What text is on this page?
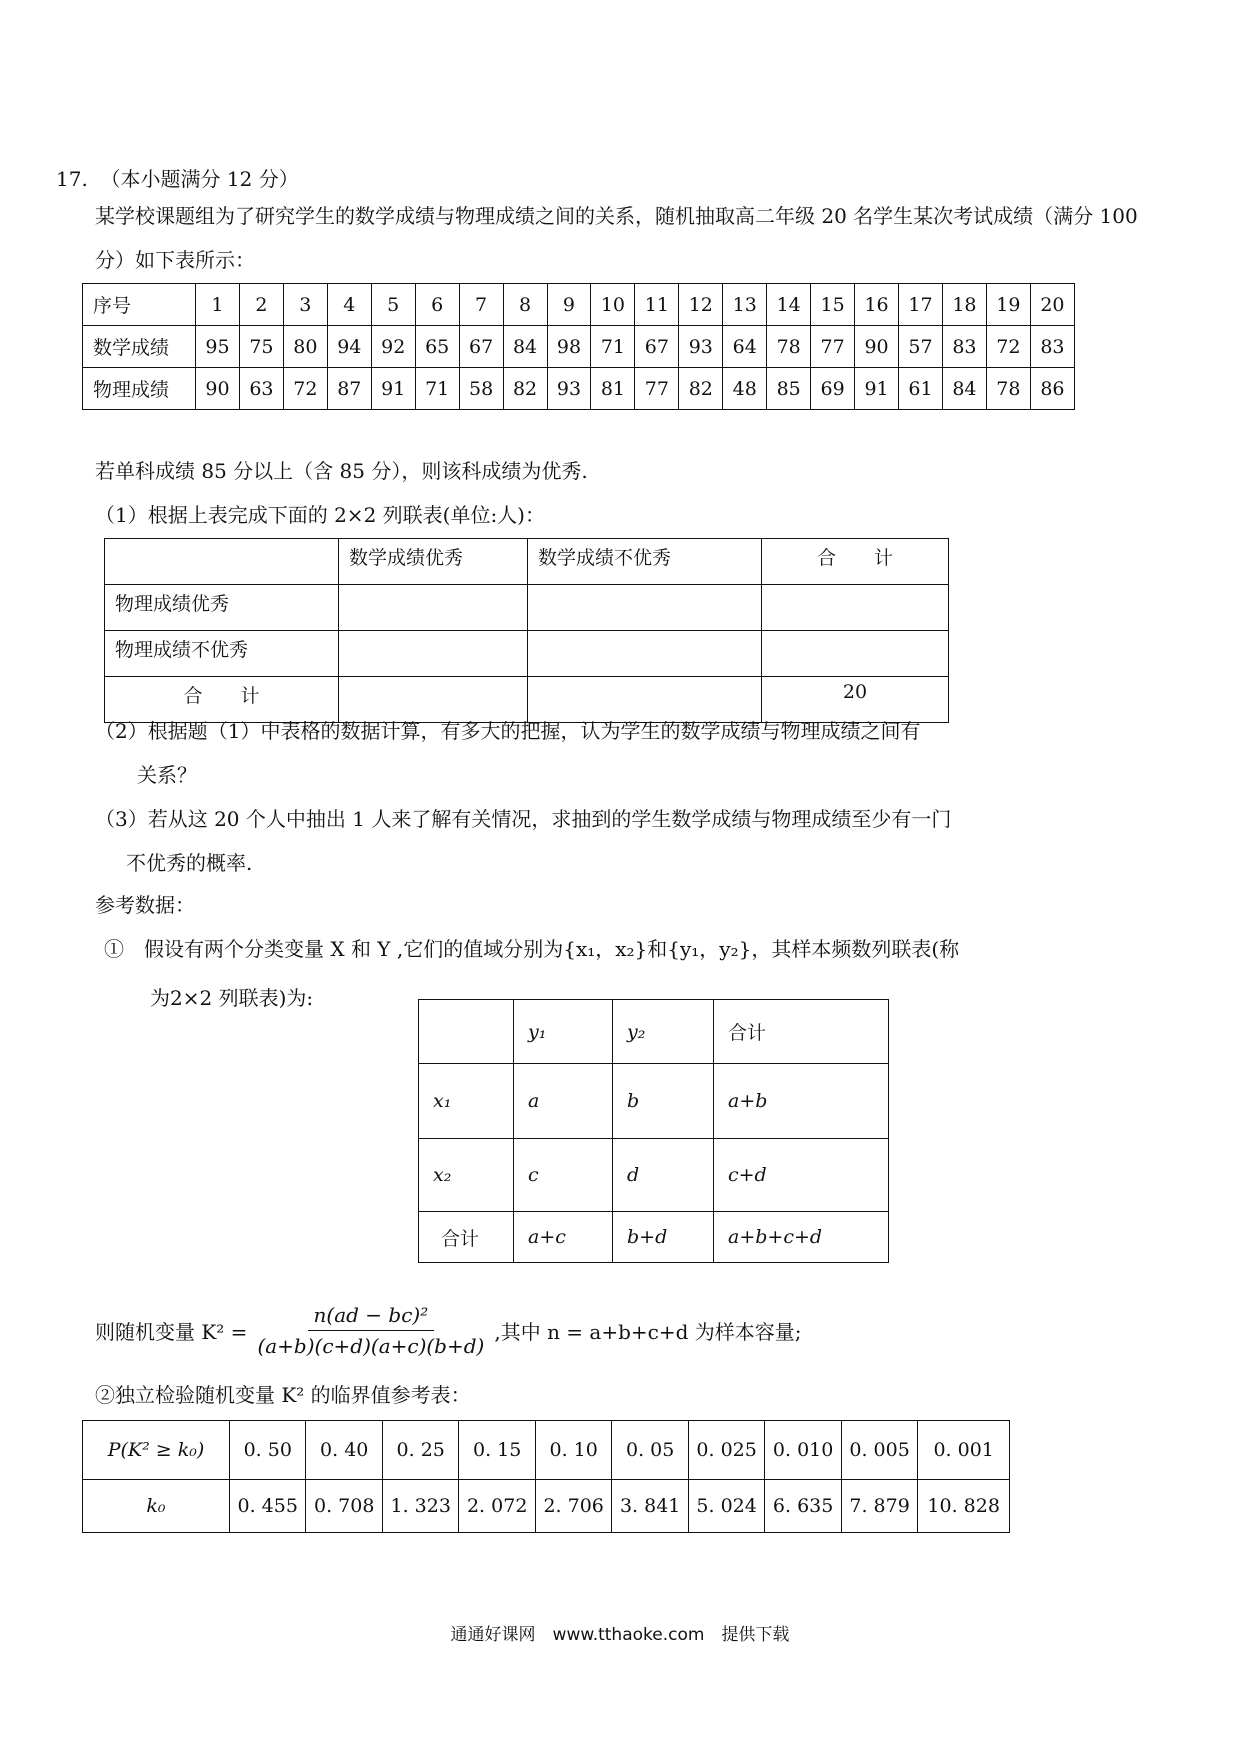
17. （本小题满分 12 分）
某学校课题组为了研究学生的数学成绩与物理成绩之间的关系，随机抽取高二年级 20 名学生某次考试成绩（满分 100
分）如下表所示：
序号	1	2	3	4	5	6	7	8	9	10	11	12	13	14	15	16	17	18	19	20
数学成绩	95	75	80	94	92	65	67	84	98	71	67	93	64	78	77	90	57	83	72	83
物理成绩	90	63	72	87	91	71	58	82	93	81	77	82	48	85	69	91	61	84	78	86
若单科成绩 85 分以上（含 85 分），则该科成绩为优秀.
（1）根据上表完成下面的 2×2 列联表(单位:人)：
	数学成绩优秀	数学成绩不优秀	合　　计
物理成绩优秀			
物理成绩不优秀			
合　　计			20
（2）根据题（1）中表格的数据计算，有多大的把握，认为学生的数学成绩与物理成绩之间有
关系？
（3）若从这 20 个人中抽出 1 人来了解有关情况，求抽到的学生数学成绩与物理成绩至少有一门
不优秀的概率.
参考数据：
①　假设有两个分类变量 X 和 Y ,它们的值域分别为{x₁，x₂}和{y₁，y₂}，其样本频数列联表(称
为2×2 列联表)为:
	y₁	y₂	合计
x₁	a	b	a+b
x₂	c	d	c+d
合计	a+c	b+d	a+b+c+d
则随机变量 $K^2 = \frac{\text{n(ad − bc)²}}{(a+b)(c+d)(a+c)(b+d)}$ ,其中 n = a+b+c+d 为样本容量;
②独立检验随机变量 K² 的临界值参考表：
P(K² ≥ k₀)	0. 50	0. 40	0. 25	0. 15	0. 10	0. 05	0. 025	0. 010	0. 005	0. 001
k₀	0. 455	0. 708	1. 323	2. 072	2. 706	3. 841	5. 024	6. 635	7. 879	10. 828
通通好课网　www.tthaoke.com　提供下载
